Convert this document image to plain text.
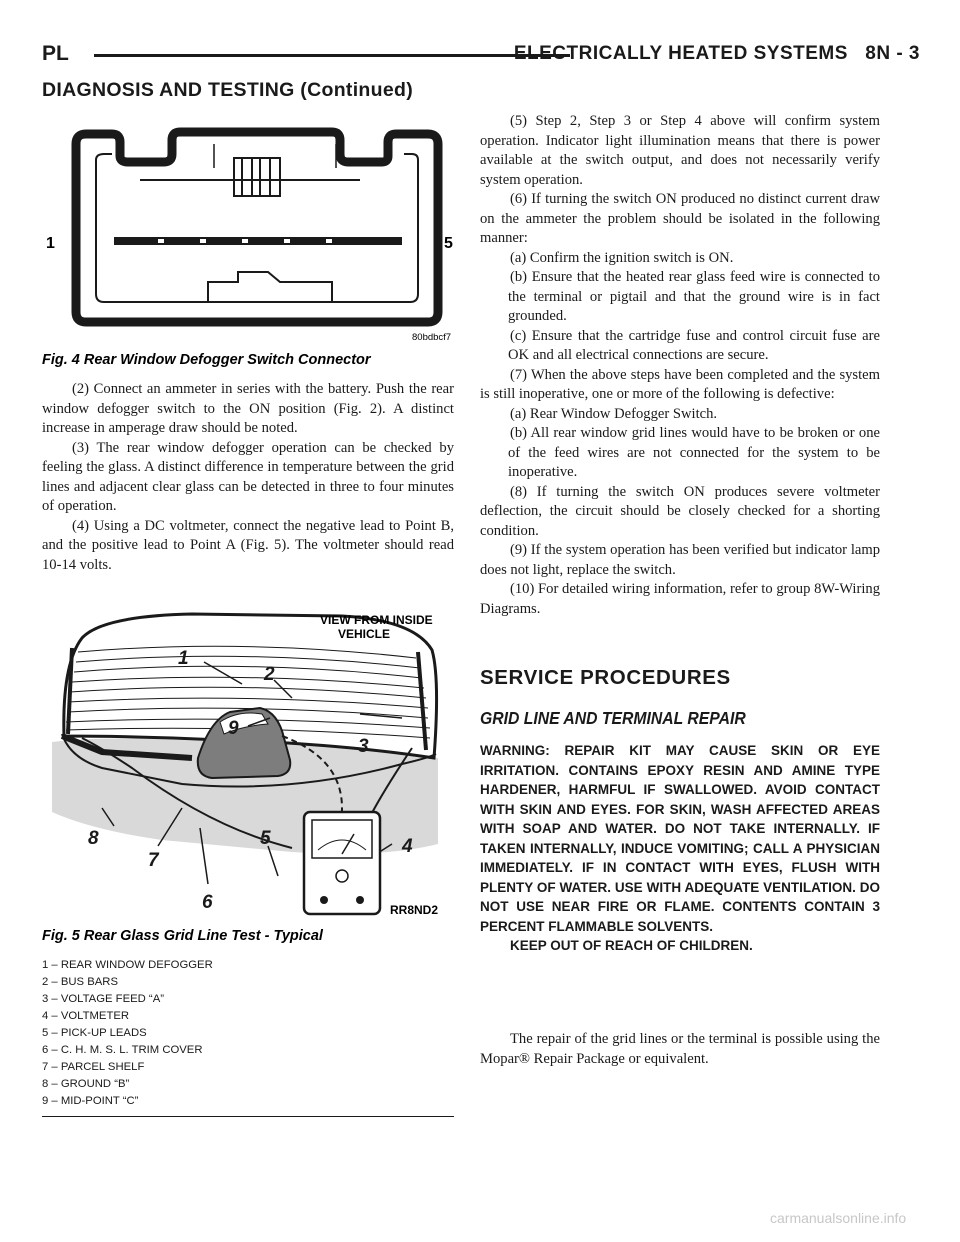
PL	ELECTRICALLY HEATED SYSTEMS 8N - 3
DIAGNOSIS AND TESTING (Continued)
1	5
80bdbcf7
Fig. 4 Rear Window Defogger Switch Connector

(2) Connect an ammeter in series with the battery. Push the rear window defogger switch to the ON position (Fig. 2). A distinct increase in amperage draw should be noted.

(3) The rear window defogger operation can be checked by feeling the glass. A distinct difference in temperature between the grid lines and adjacent clear glass can be detected in three to four minutes of operation.

(4) Using a DC voltmeter, connect the negative lead to Point B, and the positive lead to Point A (Fig. 5). The voltmeter should read 10-14 volts.

1
2
3
4
5
6
7
8
9
VIEW FROM INSIDE
VEHICLE
RR8ND2
Fig. 5 Rear Glass Grid Line Test - Typical
1 – REAR WINDOW DEFOGGER
2 – BUS BARS
3 – VOLTAGE FEED “A”
4 – VOLTMETER
5 – PICK-UP LEADS
6 – C. H. M. S. L. TRIM COVER
7 – PARCEL SHELF
8 – GROUND “B”
9 – MID-POINT “C”

(5) Step 2, Step 3 or Step 4 above will confirm system operation. Indicator light illumination means that there is power available at the switch output, and does not necessarily verify system operation.

(6) If turning the switch ON produced no distinct current draw on the ammeter the problem should be isolated in the following manner:

(a) Confirm the ignition switch is ON.

(b) Ensure that the heated rear glass feed wire is connected to the terminal or pigtail and that the ground wire is in fact grounded.

(c) Ensure that the cartridge fuse and control circuit fuse are OK and all electrical connections are secure.

(7) When the above steps have been completed and the system is still inoperative, one or more of the following is defective:

(a) Rear Window Defogger Switch.

(b) All rear window grid lines would have to be broken or one of the feed wires are not connected for the system to be inoperative.

(8) If turning the switch ON produces severe voltmeter deflection, the circuit should be closely checked for a shorting condition.

(9) If the system operation has been verified but indicator lamp does not light, replace the switch.

(10) For detailed wiring information, refer to group 8W-Wiring Diagrams.

SERVICE PROCEDURES
GRID LINE AND TERMINAL REPAIR

WARNING: REPAIR KIT MAY CAUSE SKIN OR EYE IRRITATION. CONTAINS EPOXY RESIN AND AMINE TYPE HARDENER, HARMFUL IF SWALLOWED. AVOID CONTACT WITH SKIN AND EYES. FOR SKIN, WASH AFFECTED AREAS WITH SOAP AND WATER. DO NOT TAKE INTERNALLY. IF TAKEN INTERNALLY, INDUCE VOMITING; CALL A PHYSICIAN IMMEDIATELY. IF IN CONTACT WITH EYES, FLUSH WITH PLENTY OF WATER. USE WITH ADEQUATE VENTILATION. DO NOT USE NEAR FIRE OR FLAME. CONTENTS CONTAIN 3 PERCENT FLAMMABLE SOLVENTS.

KEEP OUT OF REACH OF CHILDREN.

The repair of the grid lines or the terminal is possible using the Mopar® Repair Package or equivalent.

carmanualsonline.info
